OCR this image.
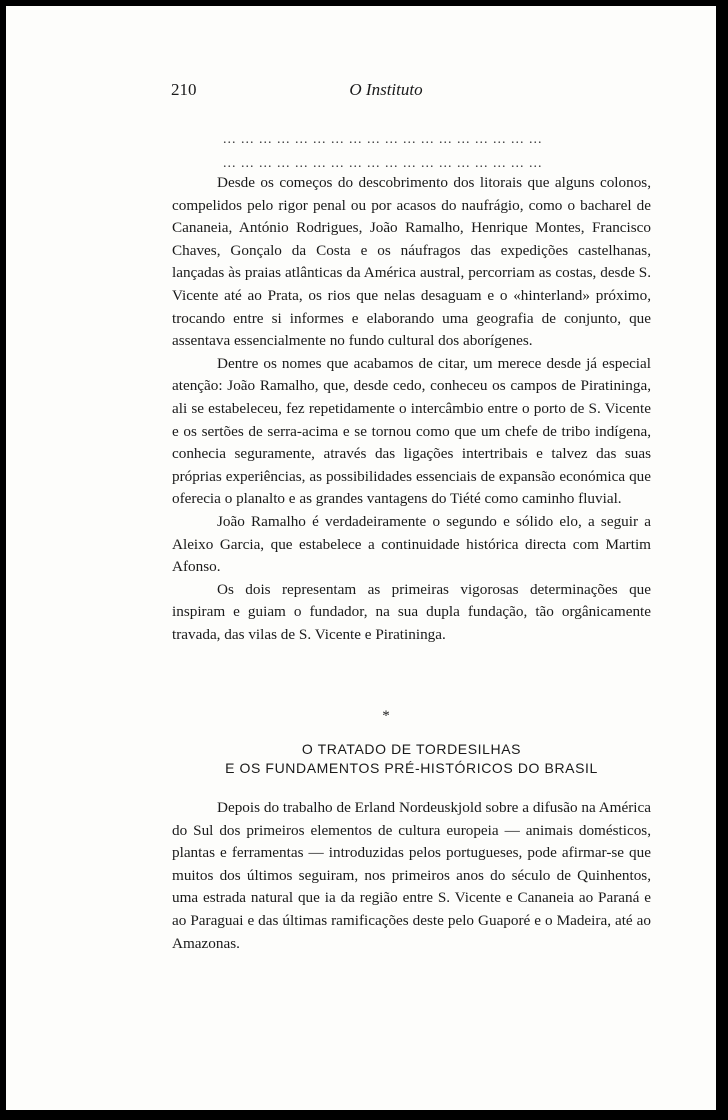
210	O Instituto
... ... ... ... ... ... ... ... ... ... ... ... ... ... ... ... ... ...
... ... ... ... ... ... ... ... ... ... ... ... ... ... ... ... ... ...

Desde os começos do descobrimento dos litorais que alguns colonos, compelidos pelo rigor penal ou por acasos do naufrágio, como o bacharel de Cananeia, António Rodrigues, João Ramalho, Henrique Montes, Francisco Chaves, Gonçalo da Costa e os náufragos das expedições castelhanas, lançadas às praias atlânticas da América austral, percorriam as costas, desde S. Vicente até ao Prata, os rios que nelas desaguam e o «hinterland» próximo, trocando entre si informes e elaborando uma geografia de conjunto, que assentava essencialmente no fundo cultural dos aborígenes.

Dentre os nomes que acabamos de citar, um merece desde já especial atenção: João Ramalho, que, desde cedo, conheceu os campos de Piratininga, ali se estabeleceu, fez repetidamente o intercâmbio entre o porto de S. Vicente e os sertões de serra-acima e se tornou como que um chefe de tribo indígena, conhecia seguramente, através das ligações intertribais e talvez das suas próprias experiências, as possibilidades essenciais de expansão económica que oferecia o planalto e as grandes vantagens do Tiété como caminho fluvial.

João Ramalho é verdadeiramente o segundo e sólido elo, a seguir a Aleixo Garcia, que estabelece a continuidade histórica directa com Martim Afonso.

Os dois representam as primeiras vigorosas determinações que inspiram e guiam o fundador, na sua dupla fundação, tão orgânicamente travada, das vilas de S. Vicente e Piratininga.

*
O TRATADO DE TORDESILHAS
E OS FUNDAMENTOS PRÉ-HISTÓRICOS DO BRASIL

Depois do trabalho de Erland Nordeuskjold sobre a difusão na América do Sul dos primeiros elementos de cultura europeia — animais domésticos, plantas e ferramentas — introduzidas pelos portugueses, pode afirmar-se que muitos dos últimos seguiram, nos primeiros anos do século de Quinhentos, uma estrada natural que ia da região entre S. Vicente e Cananeia ao Paraná e ao Paraguai e das últimas ramificações deste pelo Guaporé e o Madeira, até ao Amazonas.
